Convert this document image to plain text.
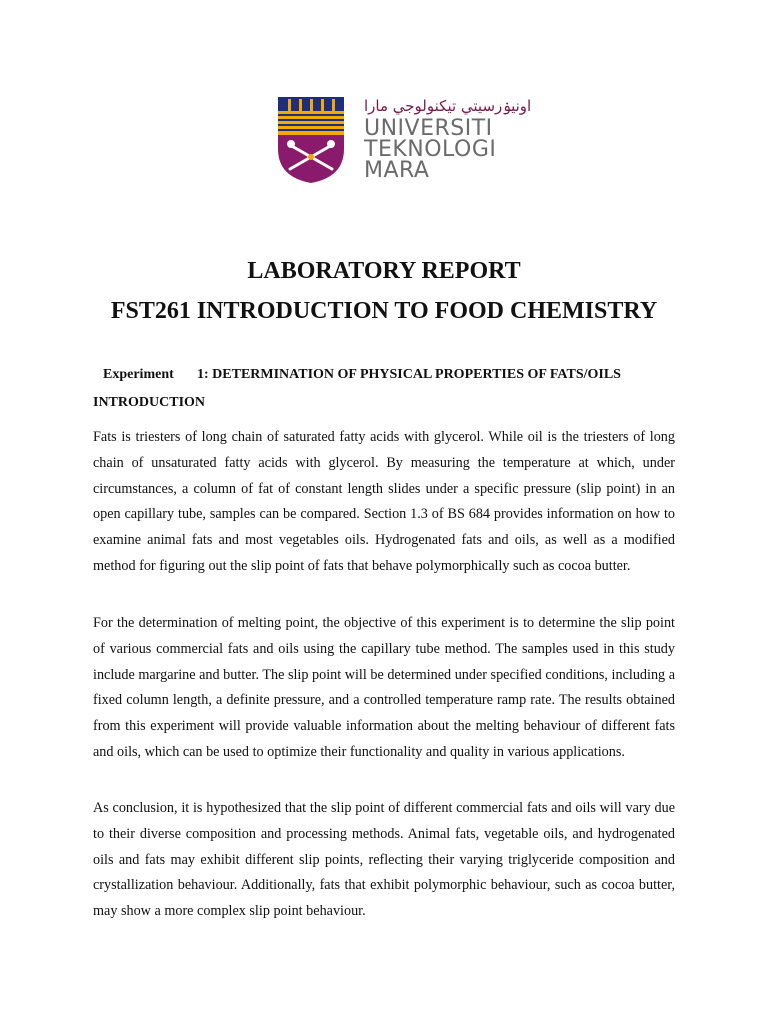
اونيۏرسيتي تيكنولوجي مارا
UNIVERSITI
TEKNOLOGI
MARA
LABORATORY REPORT
FST261 INTRODUCTION TO FOOD CHEMISTRY
Experiment 1: DETERMINATION OF PHYSICAL PROPERTIES OF FATS/OILS
INTRODUCTION

Fats is triesters of long chain of saturated fatty acids with glycerol. While oil is the triesters of long chain of unsaturated fatty acids with glycerol. By measuring the temperature at which, under circumstances, a column of fat of constant length slides under a specific pressure (slip point) in an open capillary tube, samples can be compared. Section 1.3 of BS 684 provides information on how to examine animal fats and most vegetables oils. Hydrogenated fats and oils, as well as a modified method for figuring out the slip point of fats that behave polymorphically such as cocoa butter.

For the determination of melting point, the objective of this experiment is to determine the slip point of various commercial fats and oils using the capillary tube method. The samples used in this study include margarine and butter. The slip point will be determined under specified conditions, including a fixed column length, a definite pressure, and a controlled temperature ramp rate. The results obtained from this experiment will provide valuable information about the melting behaviour of different fats and oils, which can be used to optimize their functionality and quality in various applications.

As conclusion, it is hypothesized that the slip point of different commercial fats and oils will vary due to their diverse composition and processing methods. Animal fats, vegetable oils, and hydrogenated oils and fats may exhibit different slip points, reflecting their varying triglyceride composition and crystallization behaviour. Additionally, fats that exhibit polymorphic behaviour, such as cocoa butter, may show a more complex slip point behaviour.
